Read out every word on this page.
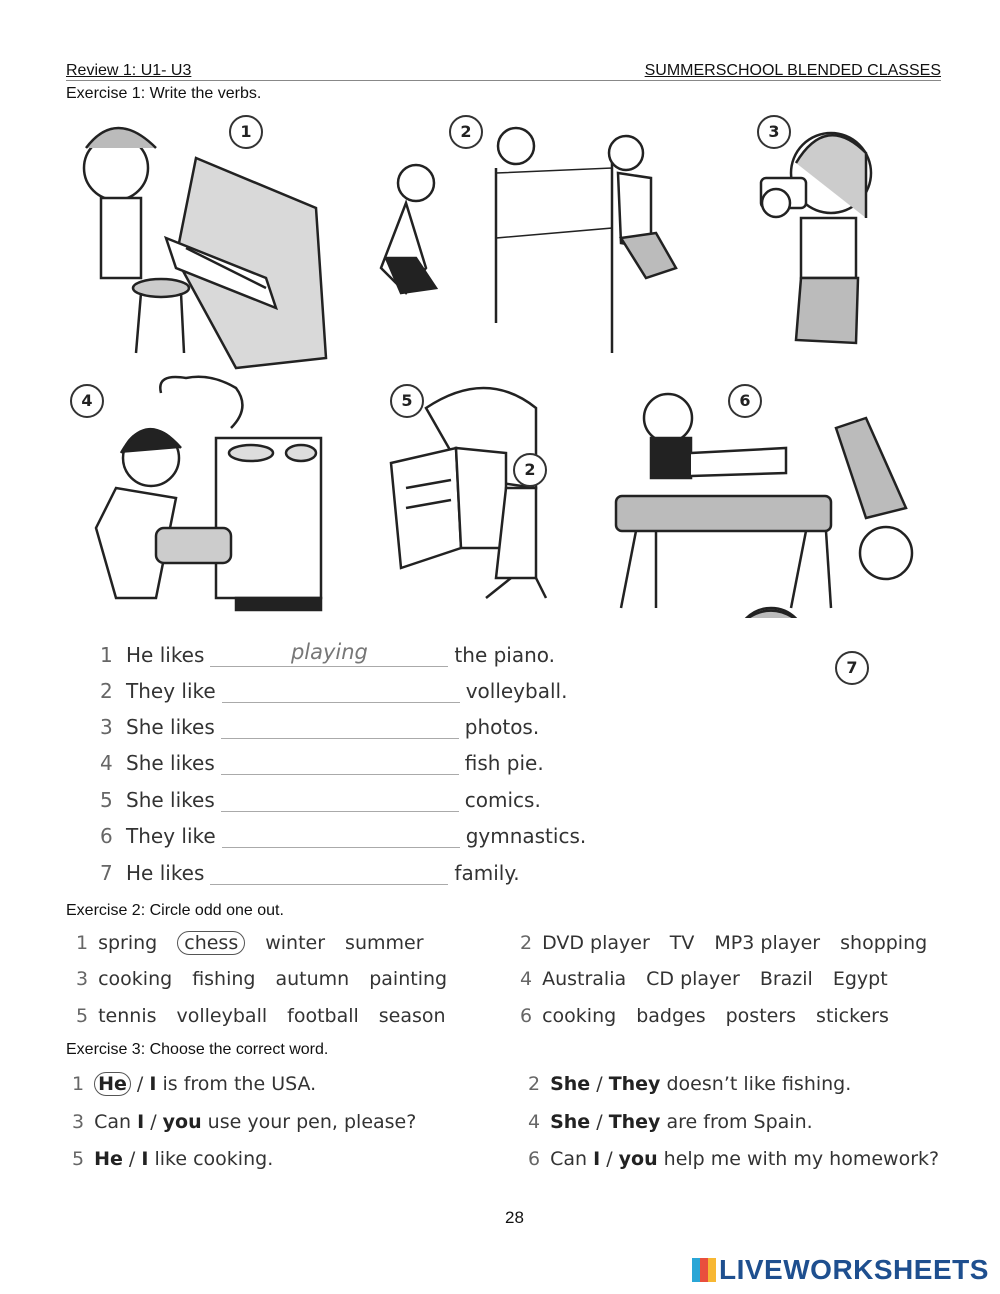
Review 1: U1- U3	SUMMERSCHOOL BLENDED CLASSES
Exercise 1: Write the verbs.
1	2	3
4	5	6
7
2
1 He likes	playing	the piano.
2 They like	volleyball.
3 She likes	photos.
4 She likes	fish pie.
5 She likes	comics.
6 They like	gymnastics.
7 He likes	family.
Exercise 2: Circle odd one out.
1 spring chess winter summer	2 DVD player TV MP3 player shopping
3 cooking fishing autumn painting	4 Australia CD player Brazil Egypt
5 tennis volleyball football season	6 cooking badges posters stickers
Exercise 3: Choose the correct word.
1 He / I is from the USA.	2 She / They doesn’t like fishing.
3 Can I / you use your pen, please?	4 She / They are from Spain.
5 He / I like cooking.	6 Can I / you help me with my homework?
28
LIVEWORKSHEETS
